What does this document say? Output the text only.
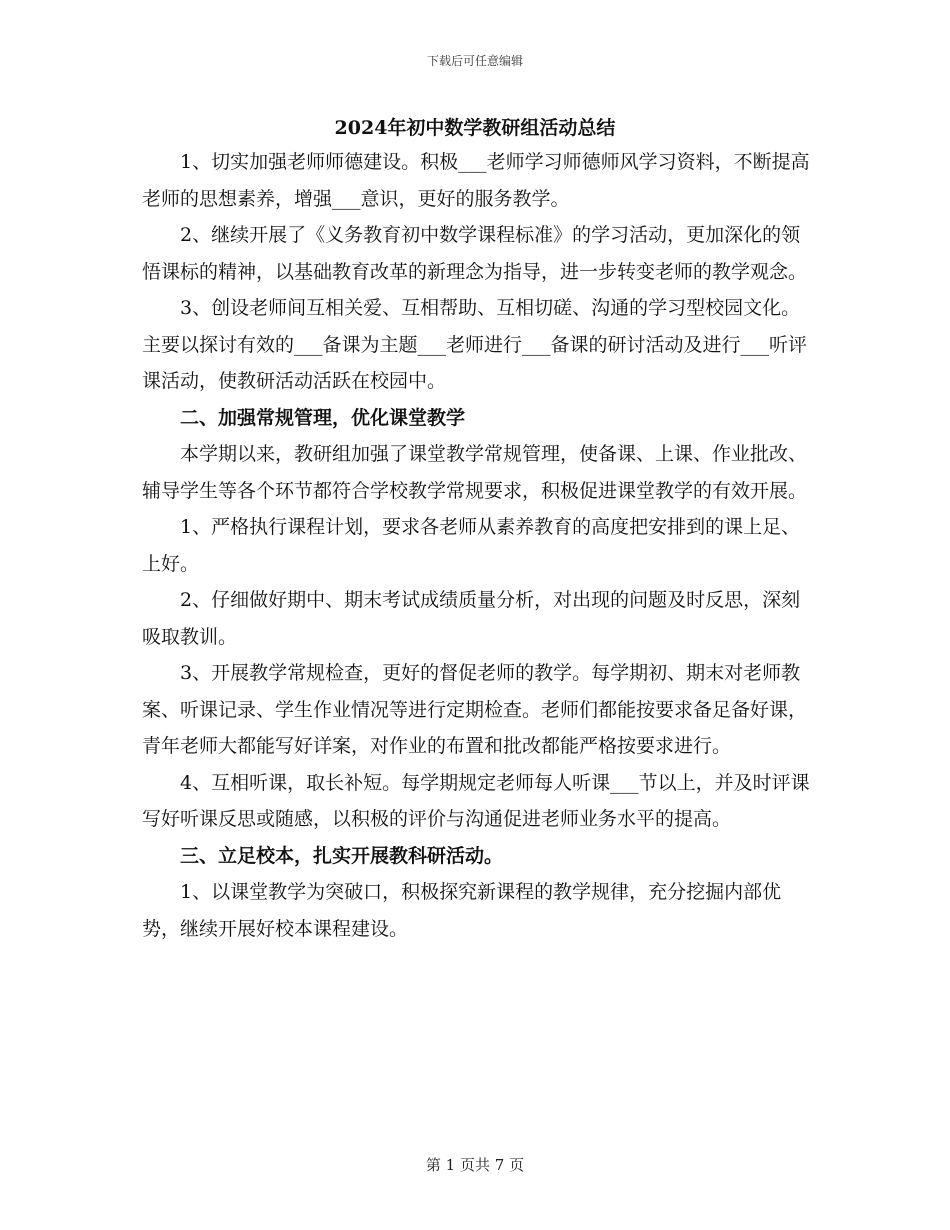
下载后可任意编辑
2024年初中数学教研组活动总结

1、切实加强老师师德建设。积极___老师学习师德师风学习资料，不断提高老师的思想素养，增强___意识，更好的服务教学。

2、继续开展了《义务教育初中数学课程标准》的学习活动，更加深化的领悟课标的精神，以基础教育改革的新理念为指导，进一步转变老师的教学观念。

3、创设老师间互相关爱、互相帮助、互相切磋、沟通的学习型校园文化。主要以探讨有效的___备课为主题___老师进行___备课的研讨活动及进行___听评课活动，使教研活动活跃在校园中。

二、加强常规管理，优化课堂教学

本学期以来，教研组加强了课堂教学常规管理，使备课、上课、作业批改、辅导学生等各个环节都符合学校教学常规要求，积极促进课堂教学的有效开展。

1、严格执行课程计划，要求各老师从素养教育的高度把安排到的课上足、上好。

2、仔细做好期中、期末考试成绩质量分析，对出现的问题及时反思，深刻吸取教训。

3、开展教学常规检查，更好的督促老师的教学。每学期初、期末对老师教案、听课记录、学生作业情况等进行定期检查。老师们都能按要求备足备好课，青年老师大都能写好详案，对作业的布置和批改都能严格按要求进行。

4、互相听课，取长补短。每学期规定老师每人听课___节以上，并及时评课写好听课反思或随感，以积极的评价与沟通促进老师业务水平的提高。

三、立足校本，扎实开展教科研活动。

1、以课堂教学为突破口，积极探究新课程的教学规律，充分挖掘内部优势，继续开展好校本课程建设。

第 1 页共 7 页
